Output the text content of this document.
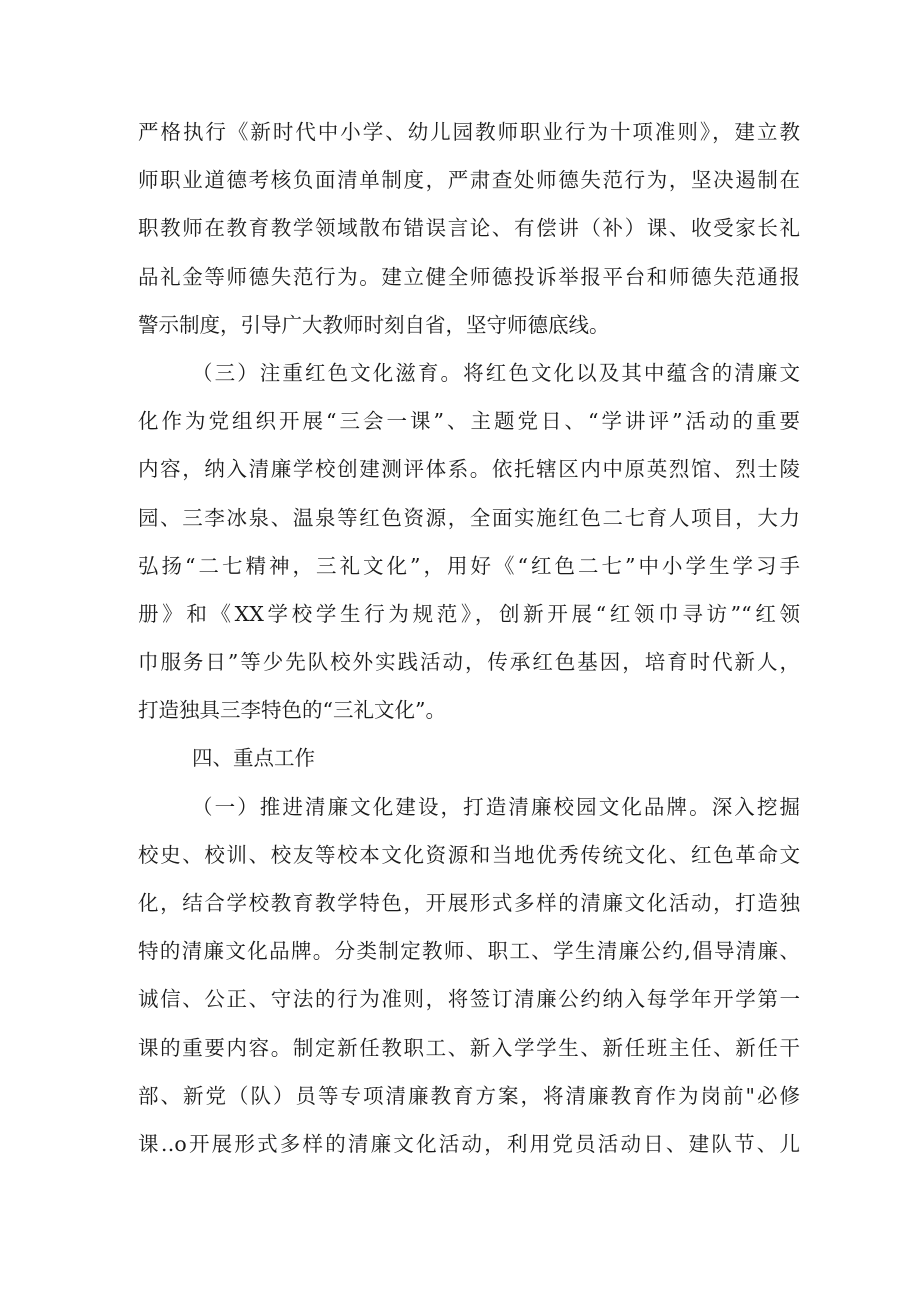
严格执行《新时代中小学、幼儿园教师职业行为十项准则》，建立教
师职业道德考核负面清单制度，严肃查处师德失范行为，坚决遏制在
职教师在教育教学领域散布错误言论、有偿讲（补）课、收受家长礼
品礼金等师德失范行为。建立健全师德投诉举报平台和师德失范通报
警示制度，引导广大教师时刻自省，坚守师德底线。
（三）注重红色文化滋育。将红色文化以及其中蕴含的清廉文
化作为党组织开展“三会一课”、主题党日、“学讲评”活动的重要
内容，纳入清廉学校创建测评体系。依托辖区内中原英烈馆、烈士陵
园、三李冰泉、温泉等红色资源，全面实施红色二七育人项目，大力
弘扬“二七精神，三礼文化”，用好《“红色二七”中小学生学习手
册》和《XX学校学生行为规范》，创新开展“红领巾寻访”“红领
巾服务日”等少先队校外实践活动，传承红色基因，培育时代新人，
打造独具三李特色的“三礼文化”。
四、重点工作
（一）推进清廉文化建设，打造清廉校园文化品牌。深入挖掘
校史、校训、校友等校本文化资源和当地优秀传统文化、红色革命文
化，结合学校教育教学特色，开展形式多样的清廉文化活动，打造独
特的清廉文化品牌。分类制定教师、职工、学生清廉公约,倡导清廉、
诚信、公正、守法的行为准则，将签订清廉公约纳入每学年开学第一
课的重要内容。制定新任教职工、新入学学生、新任班主任、新任干
部、新党（队）员等专项清廉教育方案，将清廉教育作为岗前"必修
课‥o开展形式多样的清廉文化活动，利用党员活动日、建队节、儿
